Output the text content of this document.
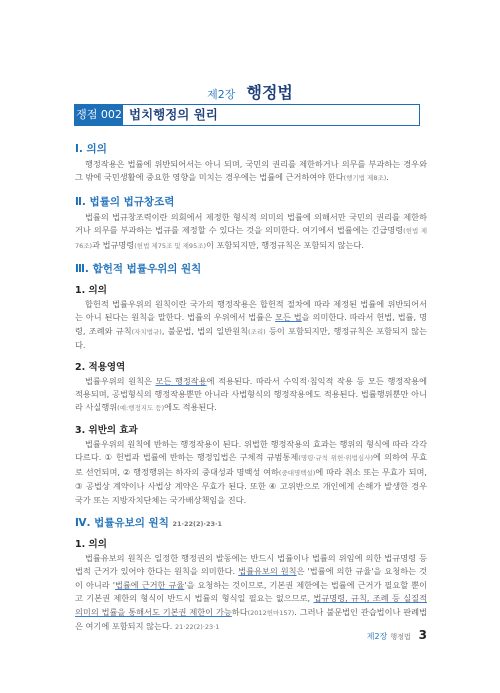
제2장 행정법
쟁점 002 법치행정의 원리
Ⅰ. 의의

행정작용은 법률에 위반되어서는 아니 되며, 국민의 권리를 제한하거나 의무를 부과하는 경우와 그 밖에 국민생활에 중요한 영향을 미치는 경우에는 법률에 근거하여야 한다(행기법 제8조).

Ⅱ. 법률의 법규창조력

법률의 법규창조력이란 의회에서 제정한 형식적 의미의 법률에 의해서만 국민의 권리를 제한하거나 의무를 부과하는 법규를 제정할 수 있다는 것을 의미한다. 여기에서 법률에는 긴급명령(헌법 제76조)과 법규명령(헌법 제75조 및 제95조)이 포함되지만, 행정규칙은 포함되지 않는다.

Ⅲ. 합헌적 법률우위의 원칙
1. 의의

합헌적 법률우위의 원칙이란 국가의 행정작용은 합헌적 절차에 따라 제정된 법률에 위반되어서는 아니 된다는 원칙을 말한다. 법률의 우위에서 법률은 모든 법을 의미한다. 따라서 헌법, 법률, 명령, 조례와 규칙(자치법규), 불문법, 법의 일반원칙(조리) 등이 포함되지만, 행정규칙은 포함되지 않는다.

2. 적용영역

법률우위의 원칙은 모든 행정작용에 적용된다. 따라서 수익적·침익적 작용 등 모든 행정작용에 적용되며, 공법형식의 행정작용뿐만 아니라 사법형식의 행정작용에도 적용된다. 법률행위뿐만 아니라 사실행위(예:행정지도 등)에도 적용된다.

3. 위반의 효과

법률우위의 원칙에 반하는 행정작용이 된다. 위법한 행정작용의 효과는 행위의 형식에 따라 각각 다르다. ① 헌법과 법률에 반하는 행정입법은 구체적 규범통제(명령·규칙 위헌·위법심사)에 의하여 무효로 선언되며, ② 행정행위는 하자의 중대성과 명백성 여하(중대명백설)에 따라 취소 또는 무효가 되며, ③ 공법상 계약이나 사법상 계약은 무효가 된다. 또한 ④ 고위반으로 개인에게 손해가 발생한 경우 국가 또는 지방자치단체는 국가배상책임을 진다.

Ⅳ. 법률유보의 원칙 21·22(2)·23·1
1. 의의

법률유보의 원칙은 일정한 행정권의 발동에는 반드시 법률이나 법률의 위임에 의한 법규명령 등 법적 근거가 있어야 한다는 원칙을 의미한다. 법률유보의 원칙은 '법률에 의한 규율'을 요청하는 것이 아니라 '법률에 근거한 규율'을 요청하는 것이므로, 기본권 제한에는 법률에 근거가 필요할 뿐이고 기본권 제한의 형식이 반드시 법률의 형식일 필요는 없으므로, 법규명령, 규칙, 조례 등 실질적 의미의 법률을 통해서도 기본권 제한이 가능하다(2012헌마157). 그러나 불문법인 관습법이나 판례법은 여기에 포함되지 않는다. 21·22(2)·23·1

제2장 행정법 3
